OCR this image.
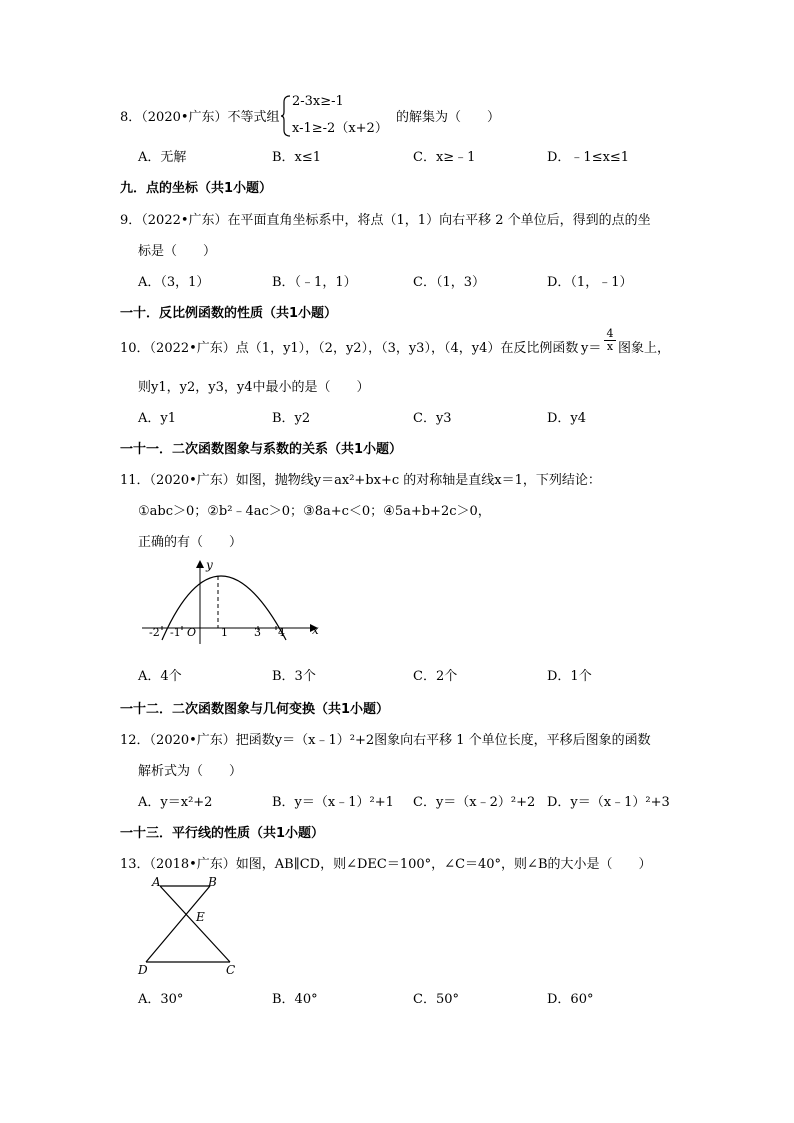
8．（2020•广东）不等式组
2-3x≥-1
x-1≥-2（x+2）
的解集为（　　）
A．无解	B．x≤1	C．x≥﹣1	D．﹣1≤x≤1
九．点的坐标（共1小题）
9．（2022•广东）在平面直角坐标系中，将点（1，1）向右平移 2 个单位后，得到的点的坐
标是（　　）
A．（3，1）	B．（﹣1，1）	C．（1，3）	D．（1，﹣1）
一十．反比例函数的性质（共1小题）
10．（2022•广东）点（1，y1），（2，y2），（3，y3），（4，y4）在反比例函数 $y= \frac{4}{x}$ 图象上，
则y1，y2，y3，y4中最小的是（　　）
A．y1	B．y2	C．y3	D．y4
一十一．二次函数图象与系数的关系（共1小题）
11．（2020•广东）如图，抛物线y＝ax²+bx+c 的对称轴是直线x＝1，下列结论：
①abc＞0；②b²﹣4ac＞0；③8a+c＜0；④5a+b+2c＞0，
正确的有（　　）
x
y
O
-2 -1	1 3 4
A．4个	B．3个	C．2个	D．1个
一十二．二次函数图象与几何变换（共1小题）
12．（2020•广东）把函数y＝（x﹣1）²+2图象向右平移 1 个单位长度，平移后图象的函数
解析式为（　　）
A．y＝x²+2	B．y＝（x﹣1）²+1 C．y＝（x﹣2）²+2 D．y＝（x﹣1）²+3
一十三．平行线的性质（共1小题）
13．（2018•广东）如图，AB∥CD，则∠DEC＝100°，∠C＝40°，则∠B的大小是（　　）
A	B
E
D	C
A．30°	B．40°	C．50°	D．60°
